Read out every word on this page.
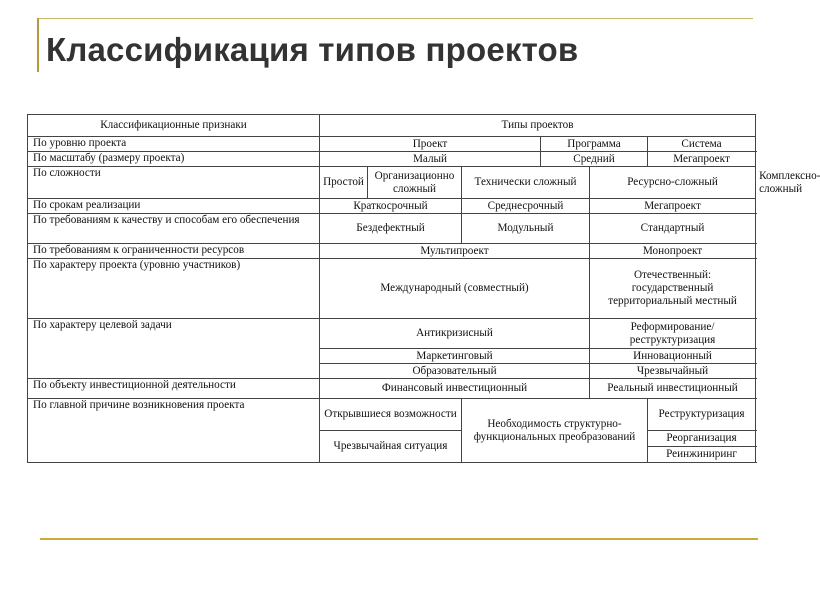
Классификация типов проектов
Классификационные признаки	Типы проектов						
По уровню проекта	Проект			Программа		Система	
По масштабу (размеру проекта)	Малый			Средний		Мегапроект	
По сложности	Простой	Организационно сложный	Технически сложный		Ресурсно-сложный		Комплексно-сложный
По срокам реализации	Краткосрочный		Среднесрочный		Мегапроект		
По требованиям к качеству и способам его обеспечения	Бездефектный		Модульный		Стандартный		
По требованиям к ограниченности ресурсов	Мультипроект				Монопроект		
По характеру проекта (уровню участников)	Международный (совместный)				Отечественный: государственный территориальный местный		
По характеру целевой задачи	Антикризисный				Реформирование/ реструктуризация		
	Маркетинговый				Инновационный		
	Образовательный				Чрезвычайный		
По объекту инвестиционной деятельности	Финансовый инвестиционный				Реальный инвестиционный		
По главной причине возникновения проекта	Открывшиеся возможности		Необходимость структурно-функциональных преобразований			Реструктуризация	
	Чрезвычайная ситуация					Реорганизация	
						Реинжиниринг	
